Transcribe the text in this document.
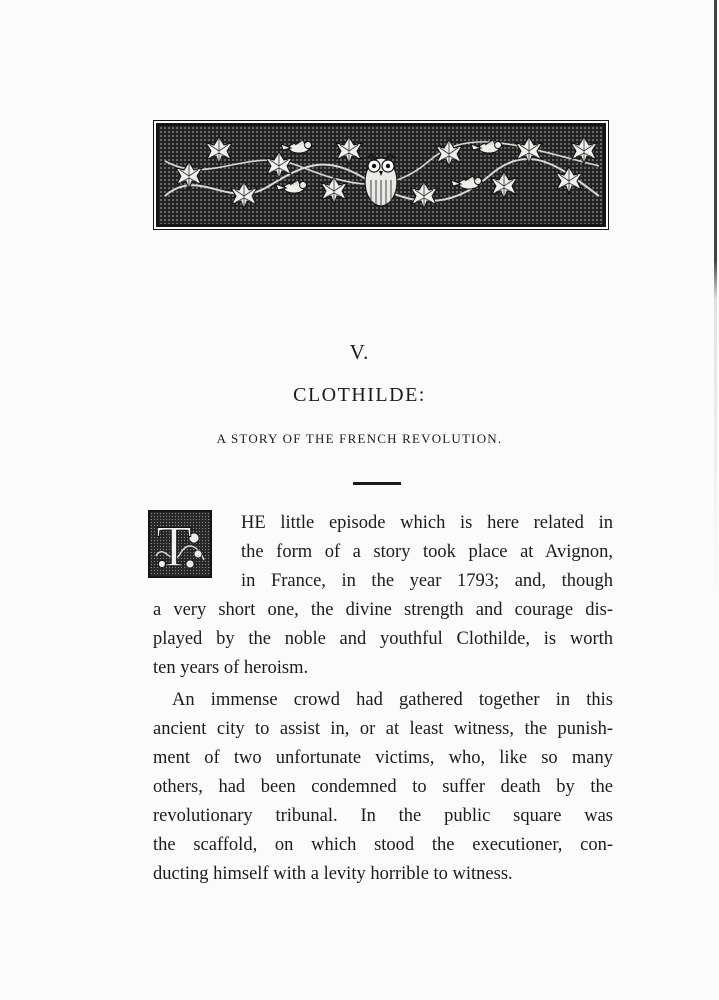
V.
CLOTHILDE:
A STORY OF THE FRENCH REVOLUTION.
T	HE little episode which is here related in
the form of a story took place at Avignon,
in France, in the year 1793; and, though
a very short one, the divine strength and courage dis-
played by the noble and youthful Clothilde, is worth
ten years of heroism.
An immense crowd had gathered together in this
ancient city to assist in, or at least witness, the punish-
ment of two unfortunate victims, who, like so many
others, had been condemned to suffer death by the
revolutionary tribunal. In the public square was
the scaffold, on which stood the executioner, con-
ducting himself with a levity horrible to witness.
